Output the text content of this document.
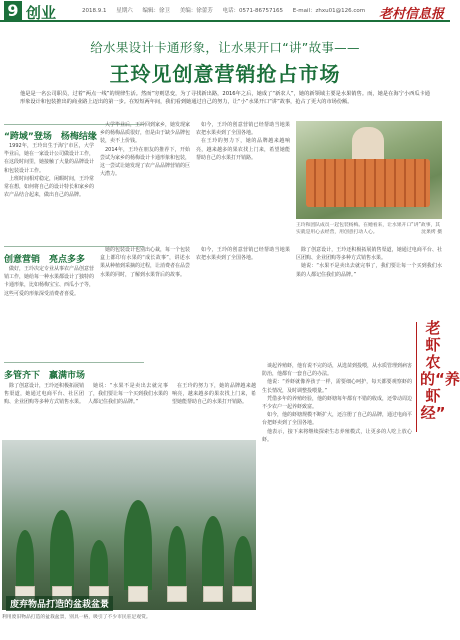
9 创业	2018.9.1 星期六 编辑：徐卫 美编：徐蕾芳 电话：0571-86757165 E-mail：zhxu01@126.com	老村信息报
给水果设计卡通形象，让水果开口“讲”故事——
王玲见创意营销抢占市场
他是是一名公司职员，过着“两点一线”的规律生活。然而“穷则思变，为了寻找新出路，2016年之后，她成了“新农人”，她的新领域主要是水果销售。而，她是在海宁小西瓜卡通形象设计和包装推出的商业路上迈出的第一步。在短短两年间，我们看到她通过自己的努力，让“小”水果开口“讲”故事，抢占了更大的市场份额。
“跨域”登场　杨梅结缘

1992年，王玲出生于海宁市区，大学毕业后，她在一家设计公司做设计工作，在这段时间里，她接触了大量的品牌设计和包装设计工作。

上班时间相对稳定，闲暇时间，王玲常常在想，如何将自己的设计特长和家乡的农产品结合起来，做出自己的品牌。

大学毕业后，王玲回到家乡，她发现家乡的杨梅品质很好，但是由于缺少品牌包装，卖不上价钱。

2014年，王玲在朋友的推荐下，开始尝试为家乡的杨梅设计卡通形象和包装，这一尝试让她发现了农产品品牌营销的巨大潜力。

如今，王玲的创意营销已经帮助当地果农把水果卖到了全国各地。

在王玲的努力下，她的品牌越来越响亮，越来越多的果农找上门来，希望她能帮助自己的水果打开销路。

王玲和团队成员一起包装杨梅。在她看来，让水果开口“讲”故事，其实就是用心去经营，用创意打动人心。	沈果烤 摄
创意营销　亮点多多

做好，王玲决定专业从事农产品创意营销工作，她给每一种水果都设计了独特的卡通形象，比如杨梅宝宝、西瓜小子等，这些可爱的形象深受消费者喜爱。

她的包装设计也别出心裁，每一个包装盒上都印有水果的“成长故事”，讲述水果从种植到采摘的过程，让消费者在品尝水果的同时，了解到水果背后的故事。

如今，王玲的创意营销已经帮助当地果农把水果卖到了全国各地。

除了创意设计，王玲还积极拓展销售渠道，她通过电商平台、社区团购、企业团购等多种方式销售水果。

她说：“水果不是卖出去就完事了，我们要让每一个买到我们水果的人都记住我们的品牌。”

多管齐下　赢满市场

除了创意设计，王玲还积极拓展销售渠道，她通过电商平台、社区团购、企业团购等多种方式销售水果。

她说：“水果不是卖出去就完事了，我们要让每一个买到我们水果的人都记住我们的品牌。”

在王玲的努力下，她的品牌越来越响亮，越来越多的果农找上门来，希望她能帮助自己的水果打开销路。

谈起养殖虾，他有说不完的话，从选苗到投喂，从水质管理到病害防治，他都有一套自己的办法。

他说：“养虾就像养孩子一样，需要细心呵护，每天都要观察虾的生长情况，及时调整投喂量。”

凭借多年的养殖经验，他的虾塘每年都有不错的收成，还带动周边不少农户一起养虾致富。

如今，他的虾塘规模不断扩大，还注册了自己的品牌，通过电商平台把虾卖到了全国各地。

他表示，接下来将继续探索生态养殖模式，让更多的人吃上放心虾。

老虾农的“养虾经”
废弃物品打造的盆栽盆景
利用废旧物品打造的盆栽盆景，别具一格，吸引了不少市民驻足观赏。
